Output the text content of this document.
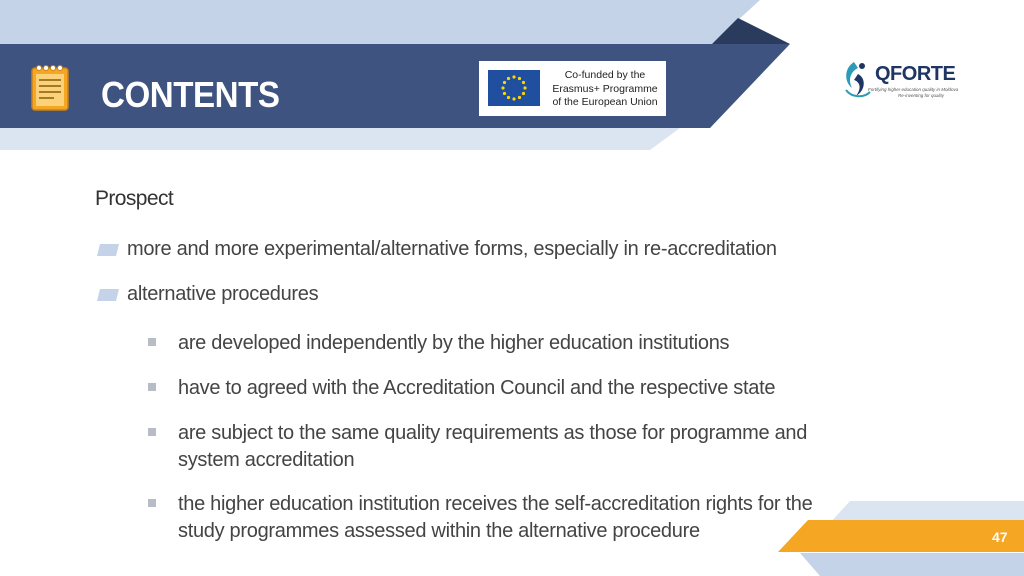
CONTENTS	Co-funded by the
Erasmus+ Programme
of the European Union
QFORTE
Fortifying higher education quality in Moldova
Re-inventing for quality
Prospect
more and more experimental/alternative forms, especially in re-accreditation
alternative procedures
are developed independently by the higher education institutions
have to agreed with the Accreditation Council and the respective state
are subject to the same quality requirements as those for programme and system accreditation
the higher education institution receives the self-accreditation rights for the study programmes assessed within the alternative procedure	47
